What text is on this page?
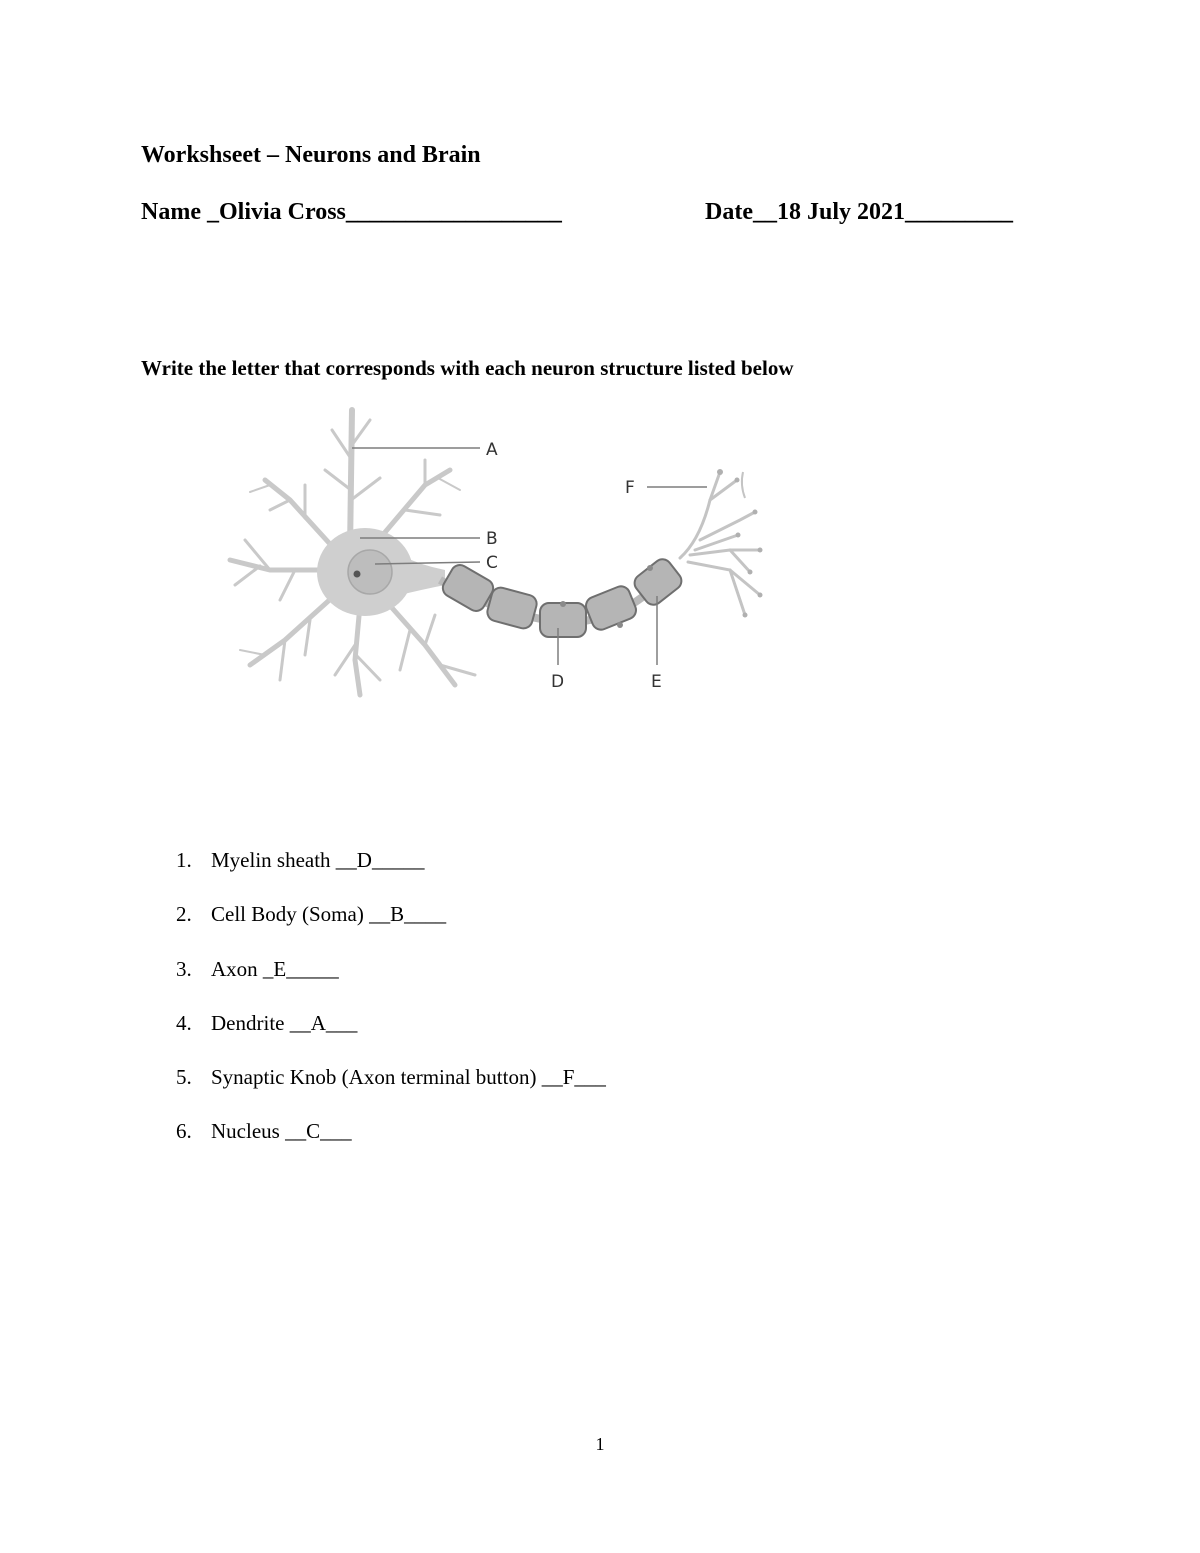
Workshseet – Neurons and Brain
Name _Olivia Cross__________________	Date__18 July 2021_________
Write the letter that corresponds with each neuron structure listed below
A
B
C
D	E
F
1. Myelin sheath __D_____
2. Cell Body (Soma) __B____
3. Axon _E_____
4. Dendrite __A___
5. Synaptic Knob (Axon terminal button) __F___
6. Nucleus __C___
1
